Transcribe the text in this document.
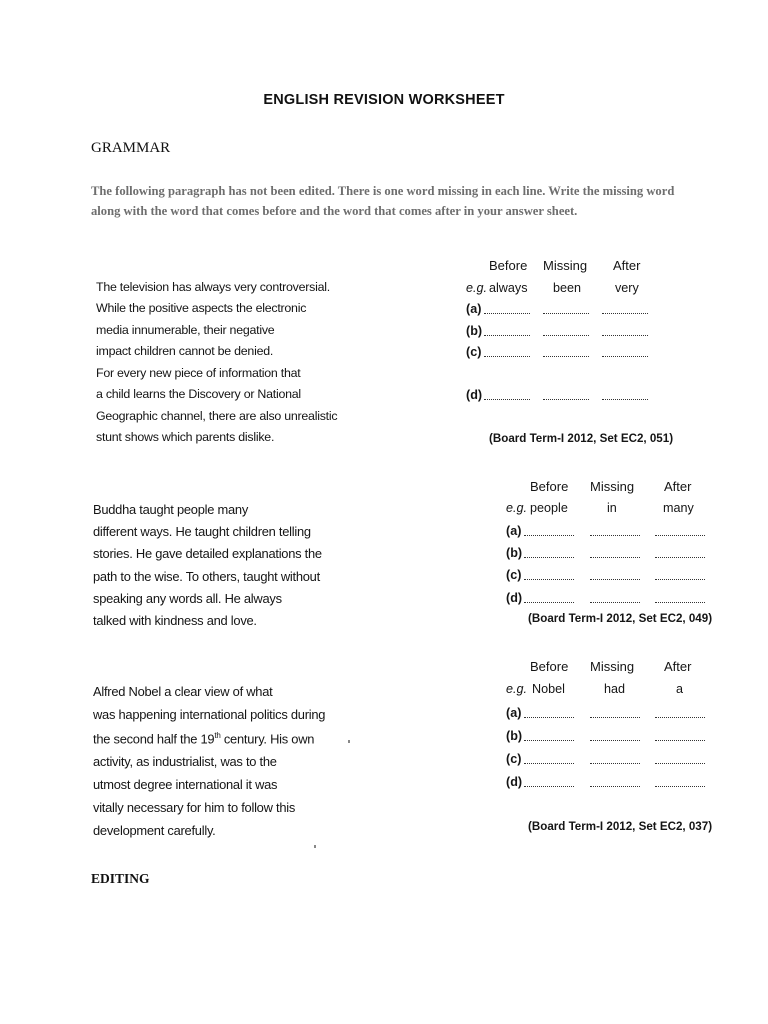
ENGLISH REVISION WORKSHEET
GRAMMAR
The following paragraph has not been edited. There is one word missing in each line. Write the missing word along with the word that comes before and the word that comes after in your answer sheet.
The television has always very controversial.
While the positive aspects the electronic
media innumerable, their negative
impact children cannot be denied.
For every new piece of information that
a child learns the Discovery or National
Geographic channel, there are also unrealistic
stunt shows which parents dislike.
Before Missing After
e.g. always been	very
(a)
(b)
(c)
(d)
(Board Term-I 2012, Set EC2, 051)
Buddha taught people many
different ways. He taught children telling
stories. He gave detailed explanations the
path to the wise. To others, taught without
speaking any words all. He always
talked with kindness and love.
Before Missing After
e.g. people	in	many
(a)
(b)
(c)
(d)
(Board Term-I 2012, Set EC2, 049)
Alfred Nobel a clear view of what
was happening international politics during
the second half the 19th century. His own
activity, as industrialist, was to the
utmost degree international it was
vitally necessary for him to follow this
development carefully.
Before Missing After
e.g. Nobel	had	a
(a)
(b)
(c)
(d)
(Board Term-I 2012, Set EC2, 037)
EDITING
